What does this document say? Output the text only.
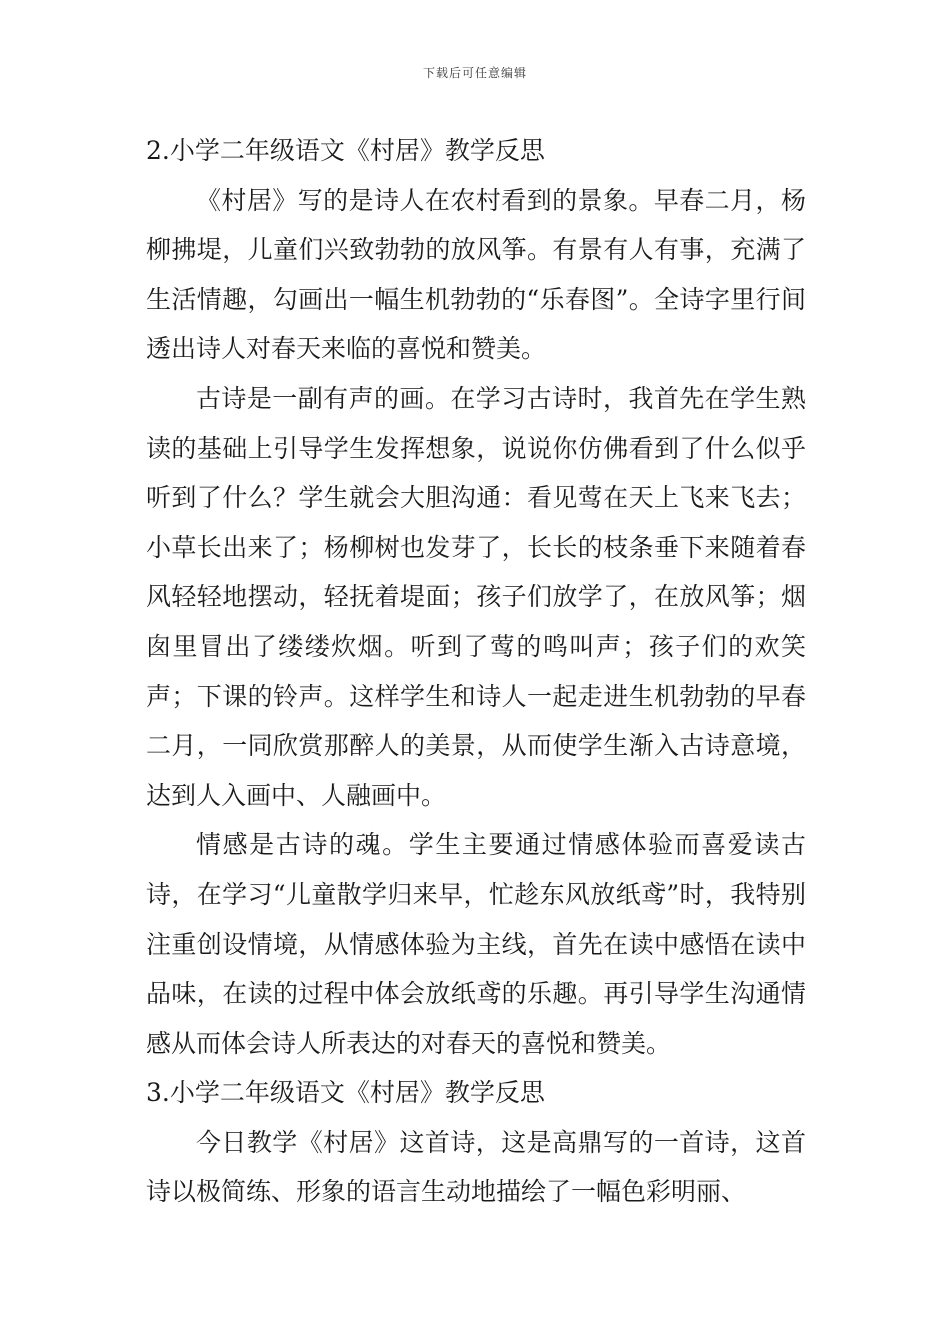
下载后可任意编辑
2.小学二年级语文《村居》教学反思

《村居》写的是诗人在农村看到的景象。早春二月，杨柳拂堤，儿童们兴致勃勃的放风筝。有景有人有事，充满了生活情趣，勾画出一幅生机勃勃的“乐春图”。全诗字里行间透出诗人对春天来临的喜悦和赞美。

古诗是一副有声的画。在学习古诗时，我首先在学生熟读的基础上引导学生发挥想象，说说你仿佛看到了什么似乎听到了什么？学生就会大胆沟通：看见莺在天上飞来飞去；小草长出来了；杨柳树也发芽了，长长的枝条垂下来随着春风轻轻地摆动，轻抚着堤面；孩子们放学了，在放风筝；烟囱里冒出了缕缕炊烟。听到了莺的鸣叫声；孩子们的欢笑声；下课的铃声。这样学生和诗人一起走进生机勃勃的早春二月，一同欣赏那醉人的美景，从而使学生渐入古诗意境，达到人入画中、人融画中。

情感是古诗的魂。学生主要通过情感体验而喜爱读古诗，在学习“儿童散学归来早，忙趁东风放纸鸢”时，我特别注重创设情境，从情感体验为主线，首先在读中感悟在读中品味，在读的过程中体会放纸鸢的乐趣。再引导学生沟通情感从而体会诗人所表达的对春天的喜悦和赞美。

3.小学二年级语文《村居》教学反思

今日教学《村居》这首诗，这是高鼎写的一首诗，这首诗以极简练、形象的语言生动地描绘了一幅色彩明丽、
